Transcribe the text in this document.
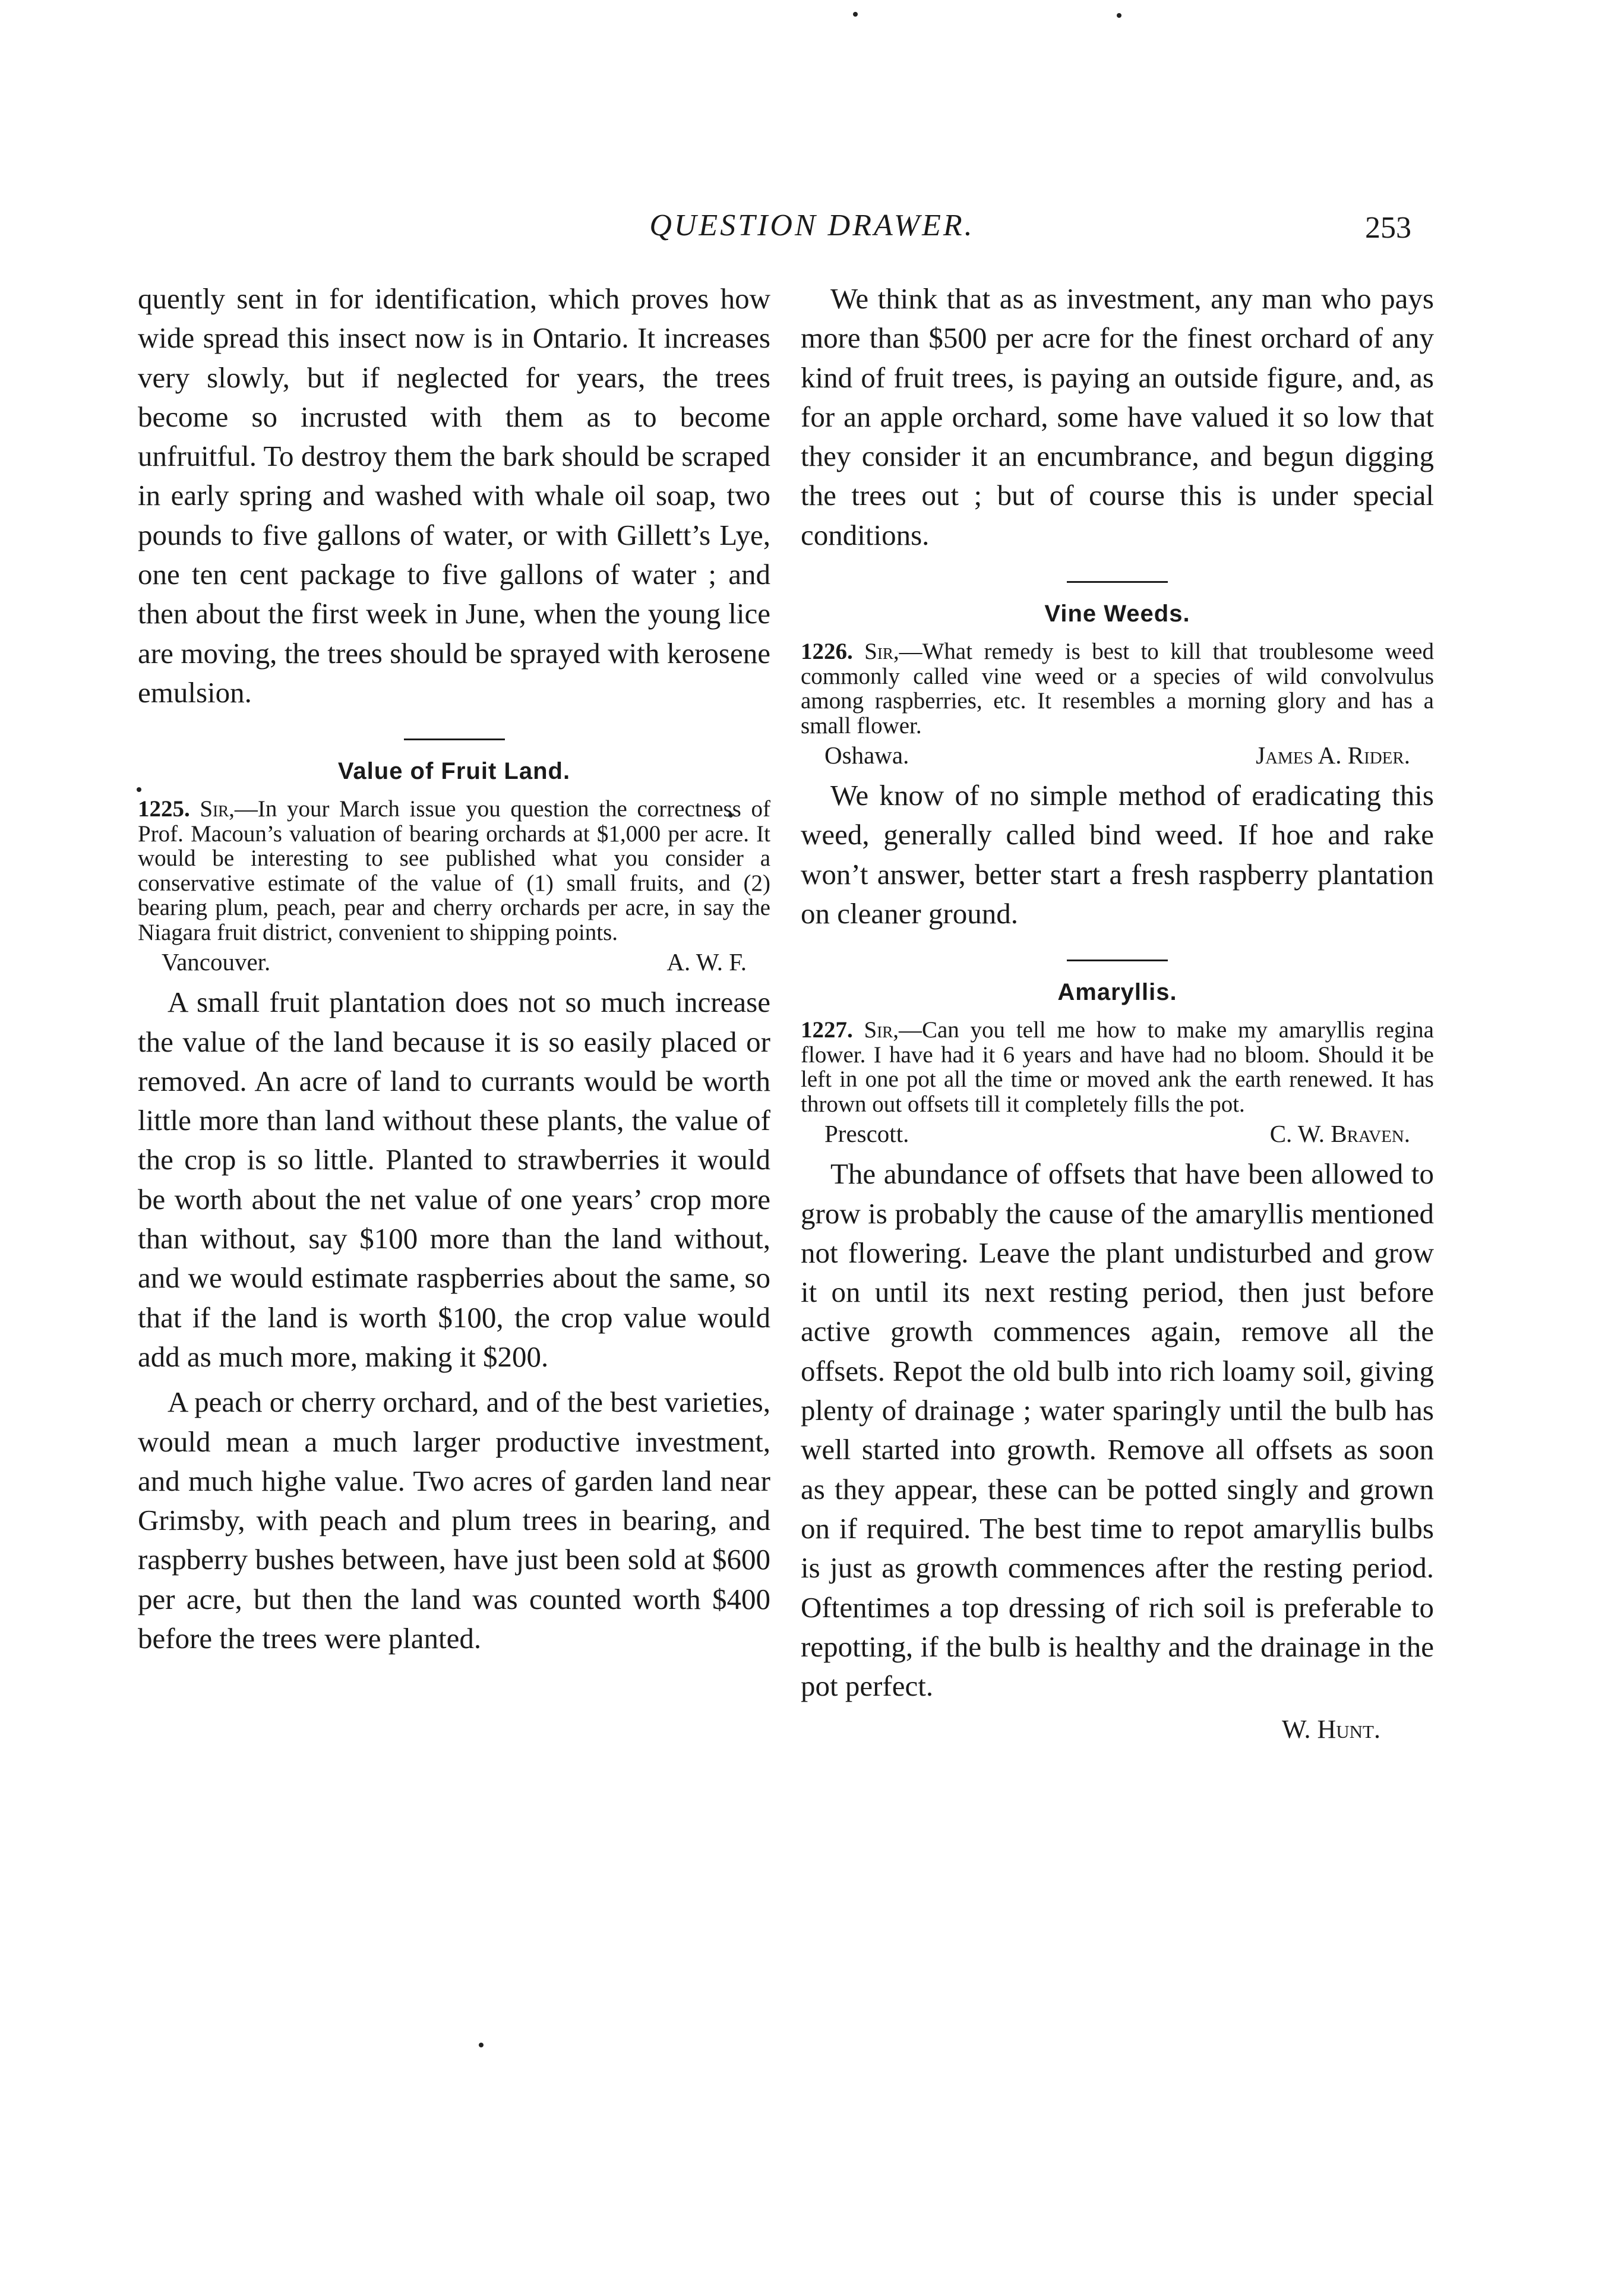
QUESTION DRAWER.	253

quently sent in for identification, which proves how wide spread this insect now is in Ontario. It increases very slowly, but if neglected for years, the trees become so incrusted with them as to become unfruitful. To destroy them the bark should be scraped in early spring and washed with whale oil soap, two pounds to five gallons of water, or with Gillett’s Lye, one ten cent package to five gallons of water ; and then about the first week in June, when the young lice are moving, the trees should be sprayed with kerosene emulsion.

Value of Fruit Land.

1225. Sir,—In your March issue you question the correctness of Prof. Macoun’s valuation of bearing orchards at $1,000 per acre. It would be interesting to see published what you consider a conservative estimate of the value of (1) small fruits, and (2) bearing plum, peach, pear and cherry orchards per acre, in say the Niagara fruit district, convenient to shipping points.

Vancouver.	A. W. F.

A small fruit plantation does not so much increase the value of the land because it is so easily placed or removed. An acre of land to currants would be worth little more than land without these plants, the value of the crop is so little. Planted to strawberries it would be worth about the net value of one years’ crop more than without, say $100 more than the land without, and we would estimate raspberries about the same, so that if the land is worth $100, the crop value would add as much more, making it $200.

A peach or cherry orchard, and of the best varieties, would mean a much larger productive investment, and much highe value. Two acres of garden land near Grimsby, with peach and plum trees in bearing, and raspberry bushes between, have just been sold at $600 per acre, but then the land was counted worth $400 before the trees were planted.

We think that as as investment, any man who pays more than $500 per acre for the finest orchard of any kind of fruit trees, is paying an outside figure, and, as for an apple orchard, some have valued it so low that they consider it an encumbrance, and begun digging the trees out ; but of course this is under special conditions.

Vine Weeds.

1226. Sir,—What remedy is best to kill that troublesome weed commonly called vine weed or a species of wild convolvulus among raspberries, etc. It resembles a morning glory and has a small flower.

Oshawa.	James A. Rider.

We know of no simple method of eradicating this weed, generally called bind weed. If hoe and rake won’t answer, better start a fresh raspberry plantation on cleaner ground.

Amaryllis.

1227. Sir,—Can you tell me how to make my amaryllis regina flower. I have had it 6 years and have had no bloom. Should it be left in one pot all the time or moved ank the earth renewed. It has thrown out offsets till it completely fills the pot.

Prescott.	C. W. Braven.

The abundance of offsets that have been allowed to grow is probably the cause of the amaryllis mentioned not flowering. Leave the plant undisturbed and grow it on until its next resting period, then just before active growth commences again, remove all the offsets. Repot the old bulb into rich loamy soil, giving plenty of drainage ; water sparingly until the bulb has well started into growth. Remove all offsets as soon as they appear, these can be potted singly and grown on if required. The best time to repot amaryllis bulbs is just as growth commences after the resting period. Oftentimes a top dressing of rich soil is preferable to repotting, if the bulb is healthy and the drainage in the pot perfect.

W. Hunt.
